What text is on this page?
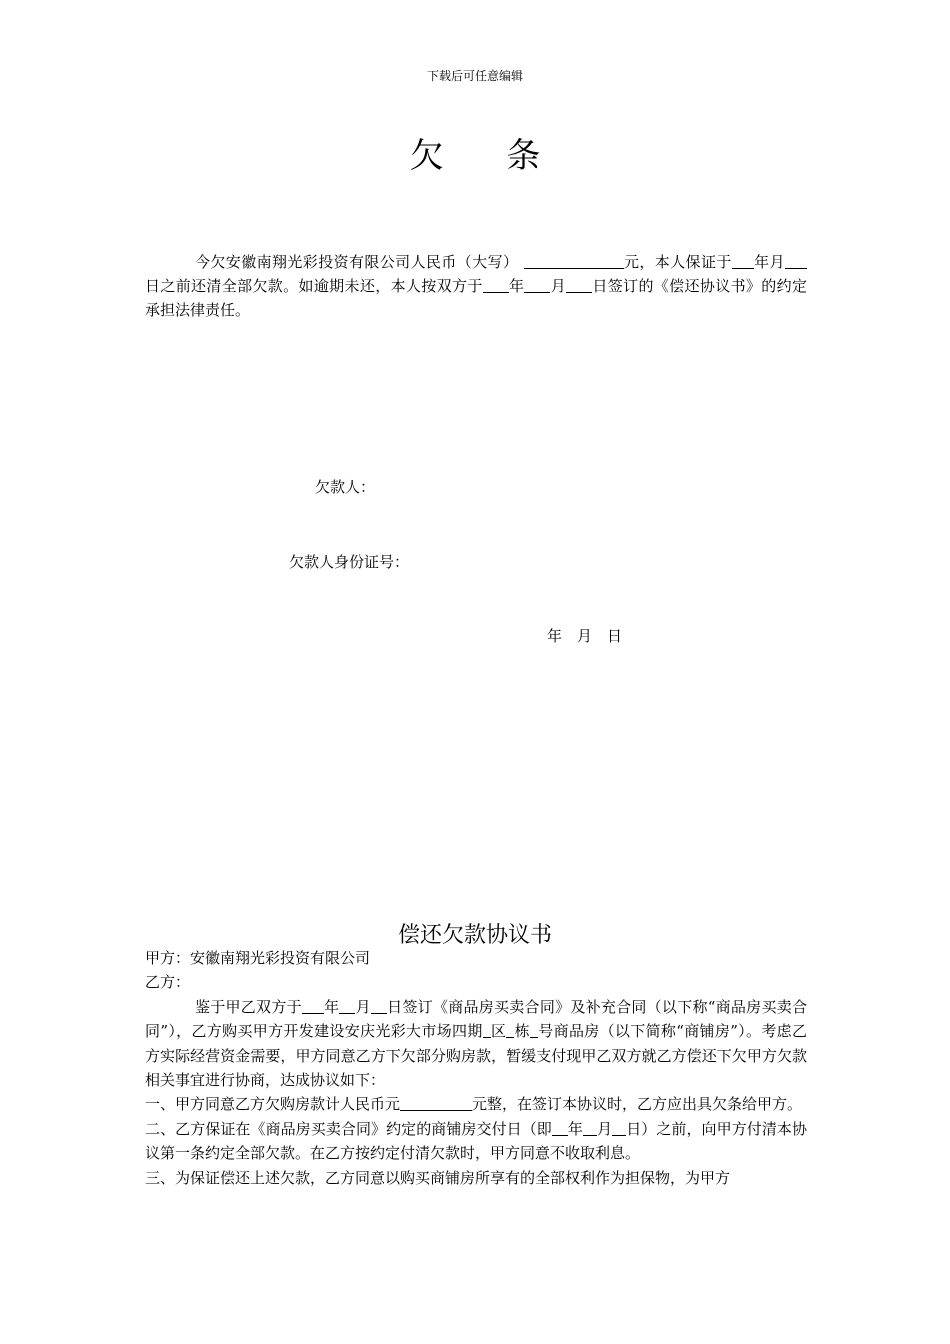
下载后可任意编辑
欠 条

今欠安徽南翔光彩投资有限公司人民币（大写）	元，本人保证于 年月日之前还清全部欠款。如逾期未还，本人按双方于 年 月 日签订的《偿还协议书》的约定承担法律责任。

欠款人：
欠款人身份证号：
年　月　日
偿还欠款协议书

甲方：安徽南翔光彩投资有限公司

乙方：

鉴于甲乙双方于 年 月 日签订《商品房买卖合同》及补充合同（以下称“商品房买卖合同”），乙方购买甲方开发建设安庆光彩大市场四期 区 栋 号商品房（以下简称“商铺房”）。考虑乙方实际经营资金需要，甲方同意乙方下欠部分购房款，暂缓支付现甲乙双方就乙方偿还下欠甲方欠款相关事宜进行协商，达成协议如下：

一、甲方同意乙方欠购房款计人民币元	元整，在签订本协议时，乙方应出具欠条给甲方。

二、乙方保证在《商品房买卖合同》约定的商铺房交付日（即 年 月 日）之前，向甲方付清本协议第一条约定全部欠款。在乙方按约定付清欠款时，甲方同意不收取利息。

三、为保证偿还上述欠款，乙方同意以购买商铺房所享有的全部权利作为担保物，为甲方
